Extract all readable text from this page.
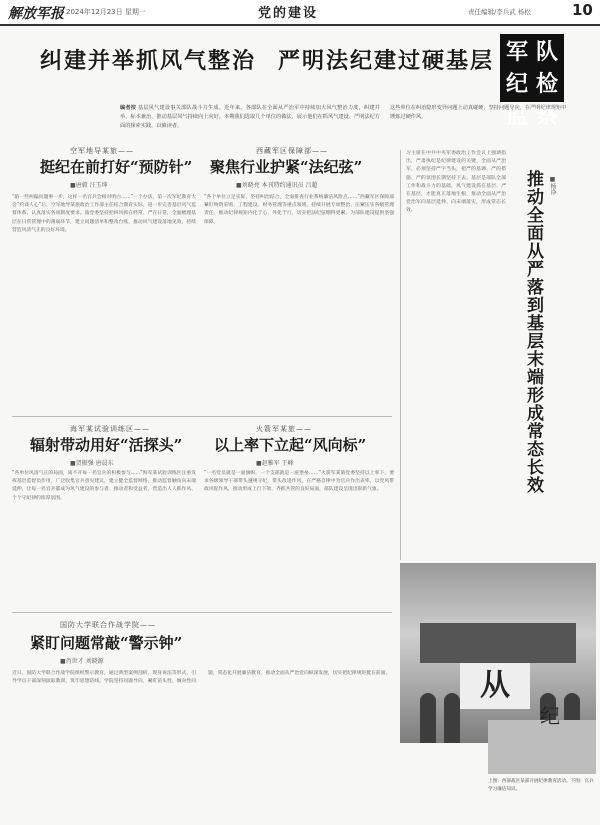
解放军报 2024年12月23日 星期一	党的建设	责任编辑/李兵武 杨松	10
纠建并举抓风气整治 严明法纪建过硬基层 军 队
纪 检
监 察
编者按 基层风气建设事关部队战斗力生成。近年来，各部队在全面从严治军中持续加大风气整治力度，纠建并举、标本兼治，推动基层风气持续向上向好。本期我们选取几个单位的做法，展示他们在抓风气建设、严明法纪方面的探索实践，以飨读者。
这些单位在纠治隐形变异问题上动真碰硬，坚持问题导向，在严明纪律规矩中锤炼过硬作风。
空军地导某旅——
挺纪在前打好“预防针”
■唐毅 汪玉坤
“陷一些纠偏问题事一步，这样一名官兵会相对明白……”一个办法，第一次军纪教育大会“约谈人心”后，空军地导某旅政治工作部主任结合教育实际，进一步完善基层风气监督体系，认真落实各项制度要求。旅党委坚持把纠风抓在经常、严在日常，全面梳理基层在日常管理中的薄弱环节，建立问题清单和整改台账，推动风气建设落地见效，持续营造风清气正的良好环境。
西藏军区保障部——
聚焦行业护紧“法纪弦”
■刘晓亮 本刊特约通讯员 吕超
“各个单位立足实际，坚持纠治结合，全面排查行业系统廉洁风险点……”西藏军区保障部紧盯物资采购、工程建设、财务管理等重点领域，持续开展专项整治，压紧压实各级管理责任，推动纪律规矩内化于心、外化于行，切实把法纪弦绷得更紧，为部队建设提供坚强保障。
海军某试验训练区——
辐射带动用好“活探头”
■贺振强 唐晨东
“各单位风清气正的局面，离不开每一名官兵的积极参与……”海军某试验训练区注重发挥基层监督员作用，广泛收集官兵意见建议，建立健全监督网络，推动监督触角向末端延伸，让每一名官兵都成为风气建设的参与者、推动者和受益者，营造出人人抓作风、个个守纪律的浓厚氛围。
火箭军某旅——
以上率下立起“风向标”
■赵雅军 王峰
“一名党员就是一面旗帜，一个支部就是一座堡垒……”火箭军某旅党委坚持以上率下，要求各级领导干部带头遵规守纪，带头改进作风，在严格自律中为官兵作出表率，以党风带政风促作风，推动形成上行下效、齐抓共管的良好局面，部队建设呈现出崭新气象。
国防大学联合作战学院——
紧盯问题常敲“警示钟”
■肖世才 刘晓源
近日，国防大学联合作战学院组织警示教育，通过典型案例剖析、现身说法等形式，引导学员干部深刻汲取教训、筑牢思想防线。学院坚持问题导向，紧盯苗头性、倾向性问题，常态化开展廉洁教育，推动全面从严治党向纵深发展，切实把纪律规矩挺在前面。
习主席在中共中央军委政治工作会议上强调指出，严肃执纪是纪律建设的关键，全面从严治军，必须坚持严字当头，把严的基调、严的措施、严的氛围长期坚持下去。基层是部队全部工作和战斗力的基础，风气建设抓在基层、严在基层，才能真正落地生根，推动全面从严治党治军向基层延伸、向末端落实，形成常态长效。	推动全面从严落到基层末端形成常态长效 ■杨诤
从
纪
上图：西部战区某部开展纪律教育活动。下图：官兵学习廉洁知识。
